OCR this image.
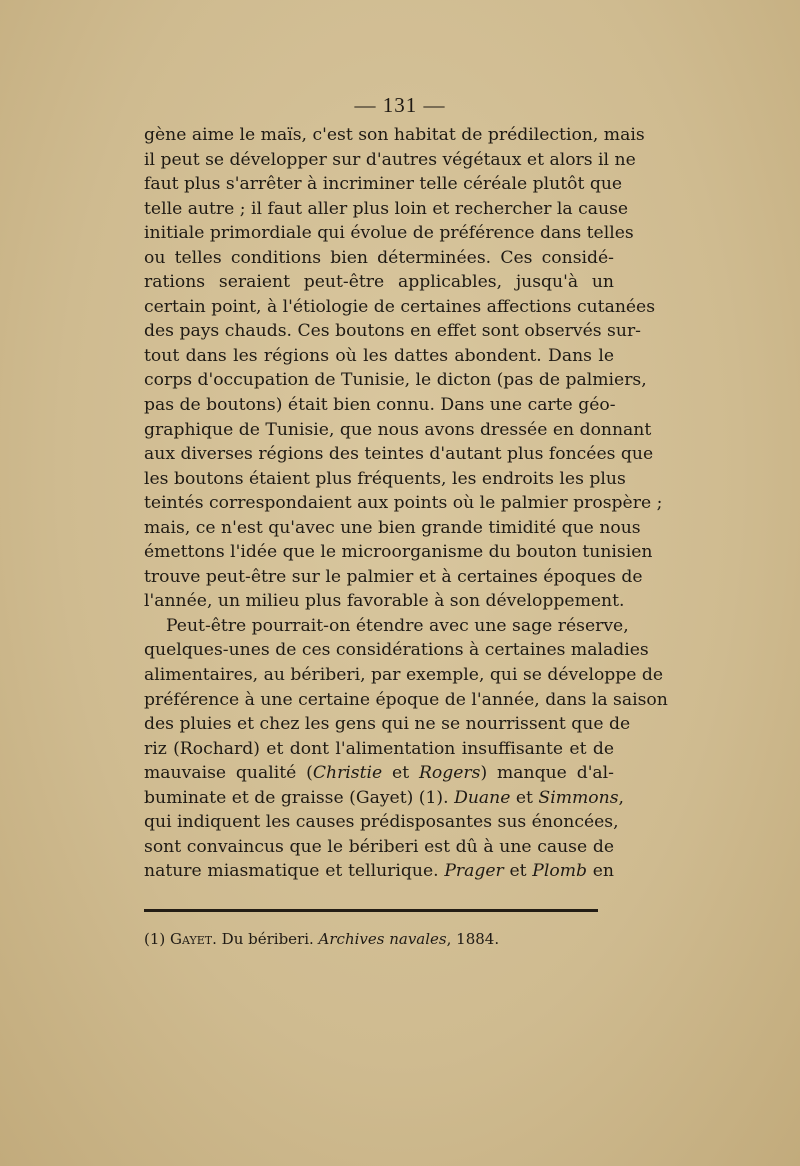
— 131 —
gène aime le maïs, c'est son habitat de prédilection, mais
il peut se développer sur d'autres végétaux et alors il ne
faut plus s'arrêter à incriminer telle céréale plutôt que
telle autre ; il faut aller plus loin et rechercher la cause
initiale primordiale qui évolue de préférence dans telles
ou telles conditions bien déterminées. Ces considé-
rations seraient peut-être applicables, jusqu'à un
certain point, à l'étiologie de certaines affections cutanées
des pays chauds. Ces boutons en effet sont observés sur-
tout dans les régions où les dattes abondent. Dans le
corps d'occupation de Tunisie, le dicton (pas de palmiers,
pas de boutons) était bien connu. Dans une carte géo-
graphique de Tunisie, que nous avons dressée en donnant
aux diverses régions des teintes d'autant plus foncées que
les boutons étaient plus fréquents, les endroits les plus
teintés correspondaient aux points où le palmier prospère ;
mais, ce n'est qu'avec une bien grande timidité que nous
émettons l'idée que le microorganisme du bouton tunisien
trouve peut-être sur le palmier et à certaines époques de
l'année, un milieu plus favorable à son développement.
Peut-être pourrait-on étendre avec une sage réserve,
quelques-unes de ces considérations à certaines maladies
alimentaires, au bériberi, par exemple, qui se développe de
préférence à une certaine époque de l'année, dans la saison
des pluies et chez les gens qui ne se nourrissent que de
riz (Rochard) et dont l'alimentation insuffisante et de
mauvaise qualité (Christie et Rogers) manque d'al-
buminate et de graisse (Gayet) (1). Duane et Simmons,
qui indiquent les causes prédisposantes sus énoncées,
sont convaincus que le bériberi est dû à une cause de
nature miasmatique et tellurique. Prager et Plomb en
(1) Gayet. Du bériberi. Archives navales, 1884.
